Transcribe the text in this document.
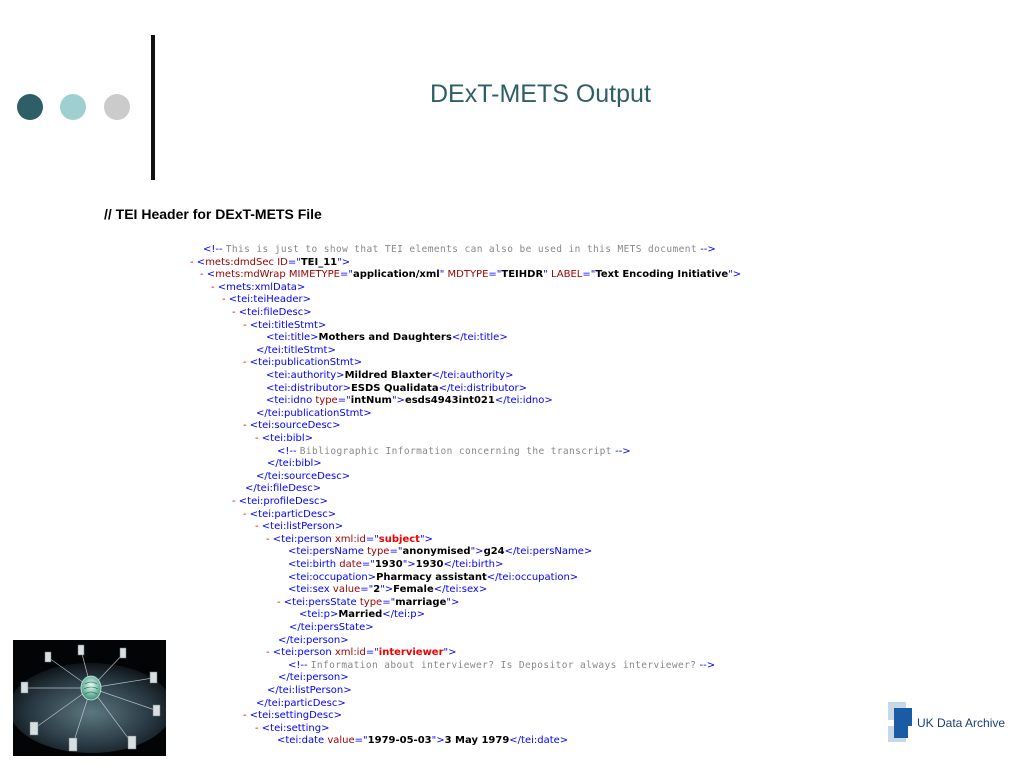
DExT-METS Output
// TEI Header for DExT-METS File
<!-- This is just to show that TEI elements can also be used in this METS document -->
- <mets:dmdSec ID="TEI_11">
- <mets:mdWrap MIMETYPE="application/xml" MDTYPE="TEIHDR" LABEL="Text Encoding Initiative">
- <mets:xmlData>
- <tei:teiHeader>
- <tei:fileDesc>
- <tei:titleStmt>
<tei:title>Mothers and Daughters</tei:title>
</tei:titleStmt>
- <tei:publicationStmt>
<tei:authority>Mildred Blaxter</tei:authority>
<tei:distributor>ESDS Qualidata</tei:distributor>
<tei:idno type="intNum">esds4943int021</tei:idno>
</tei:publicationStmt>
- <tei:sourceDesc>
- <tei:bibl>
<!-- Bibliographic Information concerning the transcript -->
</tei:bibl>
</tei:sourceDesc>
</tei:fileDesc>
- <tei:profileDesc>
- <tei:particDesc>
- <tei:listPerson>
- <tei:person xml:id="subject">
<tei:persName type="anonymised">g24</tei:persName>
<tei:birth date="1930">1930</tei:birth>
<tei:occupation>Pharmacy assistant</tei:occupation>
<tei:sex value="2">Female</tei:sex>
- <tei:persState type="marriage">
<tei:p>Married</tei:p>
</tei:persState>
</tei:person>
- <tei:person xml:id="interviewer">
<!-- Information about interviewer? Is Depositor always interviewer? -->
</tei:person>
</tei:listPerson>
</tei:particDesc>
- <tei:settingDesc>
- <tei:setting>
<tei:date value="1979-05-03">3 May 1979</tei:date>
UK Data Archive
